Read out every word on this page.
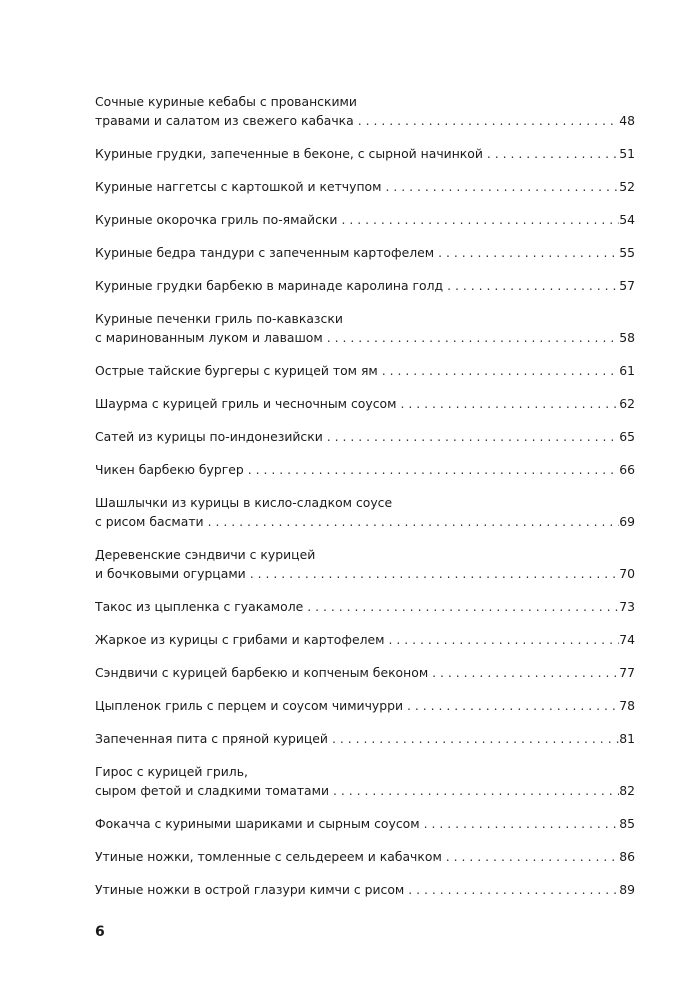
Сочные куриные кебабы с прованскими
травами и салатом из свежего кабачка . . .	48
Куриные грудки, запеченные в беконе, с сырной начинкой . . .	51
Куриные наггетсы с картошкой и кетчупом . . .	52
Куриные окорочка гриль по-ямайски . . .	54
Куриные бедра тандури с запеченным картофелем . . .	55
Куриные грудки барбекю в маринаде каролина голд . . .	57
Куриные печенки гриль по-кавказски
с маринованным луком и лавашом . . .	58
Острые тайские бургеры с курицей том ям . . .	61
Шаурма с курицей гриль и чесночным соусом . . .	62
Сатей из курицы по-индонезийски . . .	65
Чикен барбекю бургер . . .	66
Шашлычки из курицы в кисло-сладком соусе
с рисом басмати . . .	69
Деревенские сэндвичи с курицей
и бочковыми огурцами . . .	70
Такос из цыпленка с гуакамоле . . .	73
Жаркое из курицы с грибами и картофелем . . .	74
Сэндвичи с курицей барбекю и копченым беконом . . .	77
Цыпленок гриль с перцем и соусом чимичурри . . .	78
Запеченная пита с пряной курицей . . .	81
Гирос с курицей гриль,
сыром фетой и сладкими томатами . . .	82
Фокачча с куриными шариками и сырным соусом . . .	85
Утиные ножки, томленные с сельдереем и кабачком . . .	86
Утиные ножки в острой глазури кимчи с рисом . . .	89
6
